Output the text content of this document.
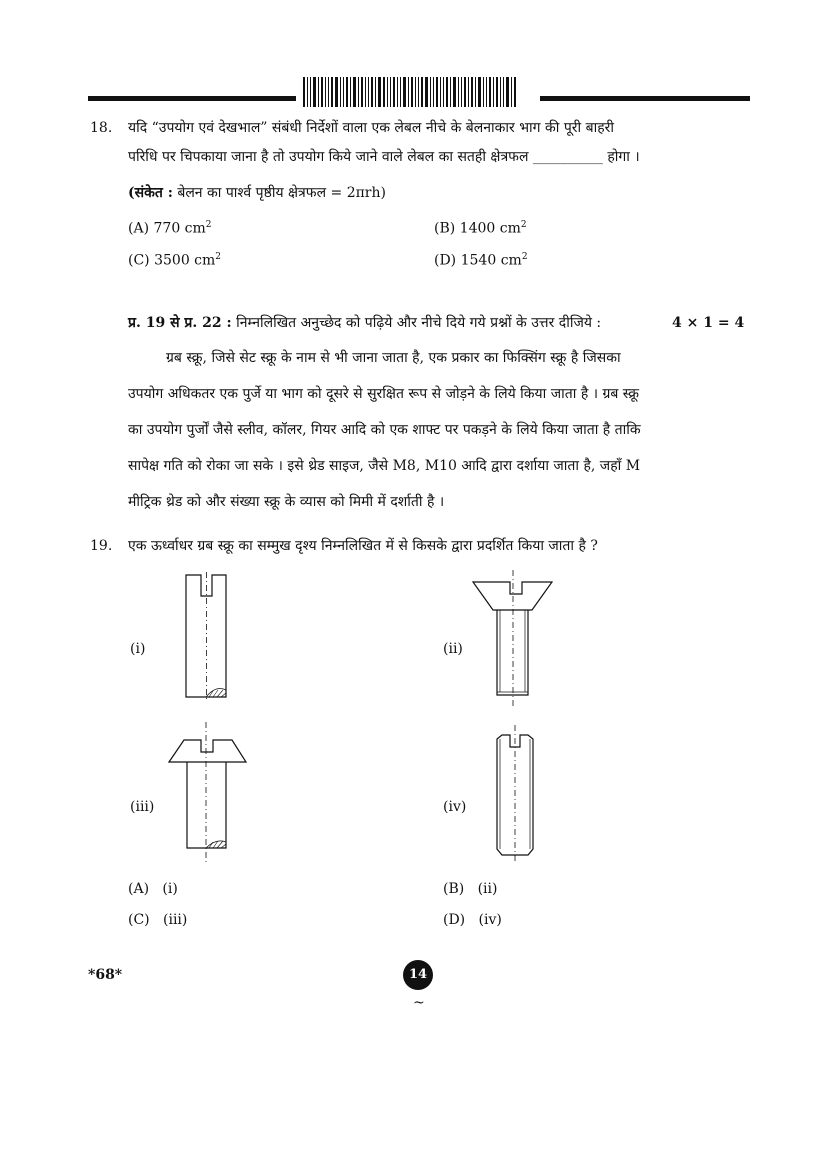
18. यदि “उपयोग एवं देखभाल” संबंधी निर्देशों वाला एक लेबल नीचे के बेलनाकार भाग की पूरी बाहरी
परिधि पर चिपकाया जाना है तो उपयोग किये जाने वाले लेबल का सतही क्षेत्रफल __________ होगा ।
(संकेत : बेलन का पार्श्व पृष्ठीय क्षेत्रफल = 2πrh)
(A) 770 $cm^2$	(B) 1400 $cm^2$
(C) 3500 $cm^2$	(D) 1540 $cm^2$
प्र. 19 से प्र. 22 : निम्नलिखित अनुच्छेद को पढ़िये और नीचे दिये गये प्रश्नों के उत्तर दीजिये :	4 × 1 = 4
ग्रब स्क्रू, जिसे सेट स्क्रू के नाम से भी जाना जाता है, एक प्रकार का फिक्सिंग स्क्रू है जिसका
उपयोग अधिकतर एक पुर्जे या भाग को दूसरे से सुरक्षित रूप से जोड़ने के लिये किया जाता है । ग्रब स्क्रू
का उपयोग पुर्जों जैसे स्लीव, कॉलर, गियर आदि को एक शाफ्ट पर पकड़ने के लिये किया जाता है ताकि
सापेक्ष गति को रोका जा सके । इसे थ्रेड साइज, जैसे M8, M10 आदि द्वारा दर्शाया जाता है, जहाँ M
मीट्रिक थ्रेड को और संख्या स्क्रू के व्यास को मिमी में दर्शाती है ।
19. एक ऊर्ध्वाधर ग्रब स्क्रू का सम्मुख दृश्य निम्नलिखित में से किसके द्वारा प्रदर्शित किया जाता है ?
(i)	(ii)
(iii)	(iv)
(A) (i)	(B) (ii)
(C) (iii)	(D) (iv)
*68*	14
~
